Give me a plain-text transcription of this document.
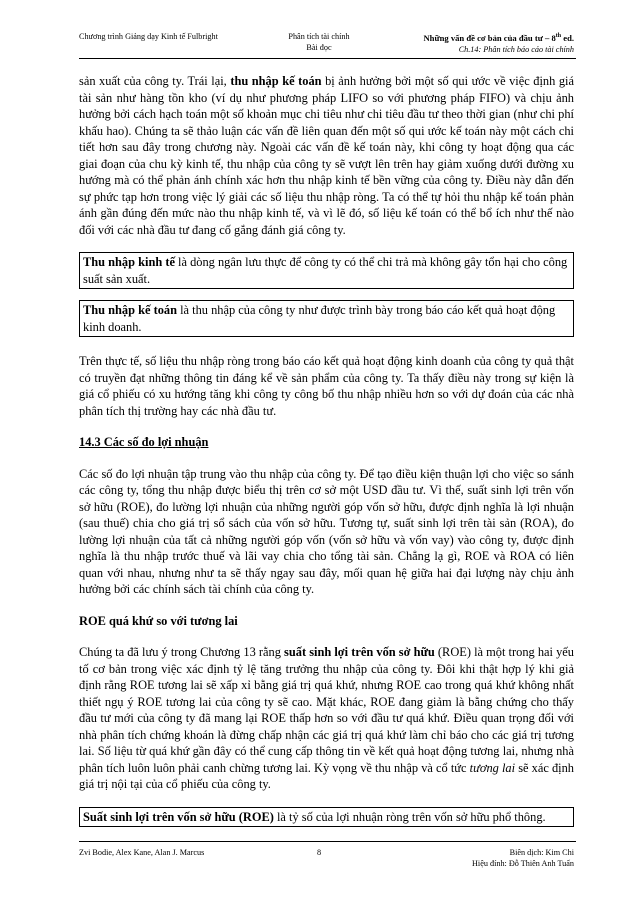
Chương trình Giảng dạy Kinh tế Fulbright	Phân tích tài chính
Bài đọc
Những vấn đề cơ bản của đầu tư – 8th ed.
Ch.14: Phân tích báo cáo tài chính

sản xuất của công ty. Trái lại, thu nhập kế toán bị ảnh hưởng bởi một số qui ước về việc định giá tài sản như hàng tồn kho (ví dụ như phương pháp LIFO so với phương pháp FIFO) và chịu ảnh hưởng bởi cách hạch toán một số khoản mục chi tiêu như chi tiêu đầu tư theo thời gian (như chi phí khấu hao). Chúng ta sẽ thảo luận các vấn đề liên quan đến một số qui ước kế toán này một cách chi tiết hơn sau đây trong chương này. Ngoài các vấn đề kế toán này, khi công ty hoạt động qua các giai đoạn của chu kỳ kinh tế, thu nhập của công ty sẽ vượt lên trên hay giảm xuống dưới đường xu hướng mà có thể phản ánh chính xác hơn thu nhập kinh tế bền vững của công ty. Điều này dẫn đến sự phức tạp hơn trong việc lý giải các số liệu thu nhập ròng. Ta có thể tự hỏi thu nhập kế toán phản ánh gần đúng đến mức nào thu nhập kinh tế, và vì lẽ đó, số liệu kế toán có thể bổ ích như thế nào đối với các nhà đầu tư đang cố gắng đánh giá công ty.

Thu nhập kinh tế là dòng ngân lưu thực để công ty có thể chi trả mà không gây tổn hại cho công suất sản xuất.
Thu nhập kế toán là thu nhập của công ty như được trình bày trong báo cáo kết quả hoạt động kinh doanh.

Trên thực tế, số liệu thu nhập ròng trong báo cáo kết quả hoạt động kinh doanh của công ty quả thật có truyền đạt những thông tin đáng kể về sản phẩm của công ty. Ta thấy điều này trong sự kiện là giá cổ phiếu có xu hướng tăng khi công ty công bố thu nhập nhiều hơn so với dự đoán của các nhà phân tích thị trường hay các nhà đầu tư.

14.3 Các số đo lợi nhuận

Các số đo lợi nhuận tập trung vào thu nhập của công ty. Để tạo điều kiện thuận lợi cho việc so sánh các công ty, tổng thu nhập được biểu thị trên cơ sở một USD đầu tư. Vì thế, suất sinh lợi trên vốn sở hữu (ROE), đo lường lợi nhuận của những người góp vốn sở hữu, được định nghĩa là lợi nhuận (sau thuế) chia cho giá trị sổ sách của vốn sở hữu. Tương tự, suất sinh lợi trên tài sản (ROA), đo lường lợi nhuận của tất cả những người góp vốn (vốn sở hữu và vốn vay) vào công ty, được định nghĩa là thu nhập trước thuế và lãi vay chia cho tổng tài sản. Chẳng lạ gì, ROE và ROA có liên quan với nhau, nhưng như ta sẽ thấy ngay sau đây, mối quan hệ giữa hai đại lượng này chịu ảnh hưởng bởi các chính sách tài chính của công ty.

ROE quá khứ so với tương lai

Chúng ta đã lưu ý trong Chương 13 rằng suất sinh lợi trên vốn sở hữu (ROE) là một trong hai yếu tố cơ bản trong việc xác định tỷ lệ tăng trưởng thu nhập của công ty. Đôi khi thật hợp lý khi giả định rằng ROE tương lai sẽ xấp xỉ bằng giá trị quá khứ, nhưng ROE cao trong quá khứ không nhất thiết ngụ ý ROE tương lai của công ty sẽ cao. Mặt khác, ROE đang giảm là bằng chứng cho thấy đầu tư mới của công ty đã mang lại ROE thấp hơn so với đầu tư quá khứ. Điều quan trọng đối với nhà phân tích chứng khoán là đừng chấp nhận các giá trị quá khứ làm chỉ báo cho các giá trị tương lai. Số liệu từ quá khứ gần đây có thể cung cấp thông tin về kết quả hoạt động tương lai, nhưng nhà phân tích luôn luôn phải canh chừng tương lai. Kỳ vọng về thu nhập và cổ tức tương lai sẽ xác định giá trị nội tại của cổ phiếu của công ty.

Suất sinh lợi trên vốn sở hữu (ROE) là tỷ số của lợi nhuận ròng trên vốn sở hữu phổ thông.
Zvi Bodie, Alex Kane, Alan J. Marcus	8	Biên dịch: Kim Chi
Hiệu đính: Đỗ Thiên Anh Tuấn
